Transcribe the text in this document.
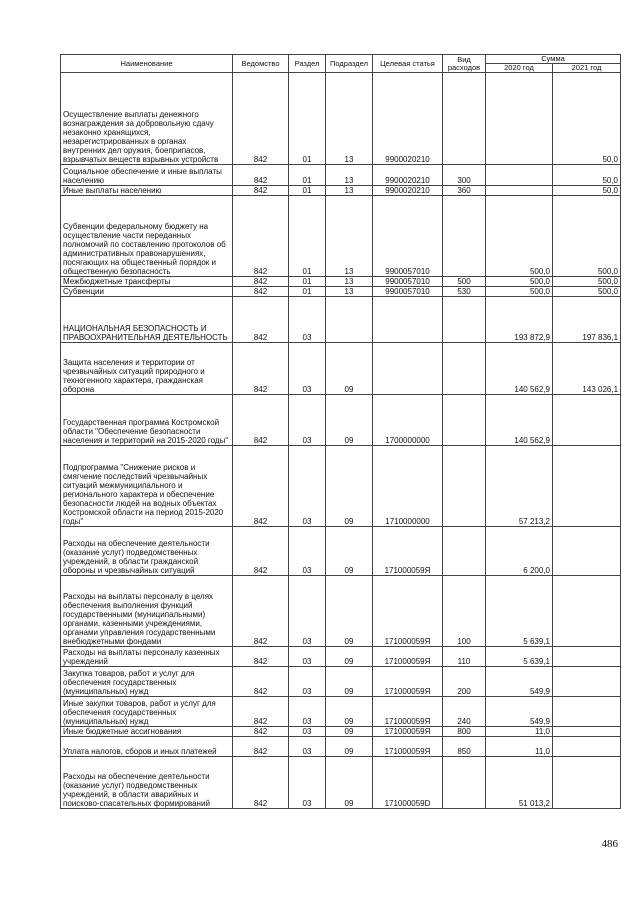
Наименование	Ведомство	Раздел	Подраздел	Целевая статья	Вид расходов	Сумма	
						2020 год	2021 год
Осуществление выплаты денежного вознаграждения за добровольную сдачу незаконно хранящихся, незарегистрированных в органах внутренних дел оружия, боеприпасов, взрывчатых веществ взрывных устройств	842	01	13	9900020210			50,0
Социальное обеспечение и иные выплаты населению	842	01	13	9900020210	300		50,0
Иные выплаты населению	842	01	13	9900020210	360		50,0
Субвенции федеральному бюджету на осуществление части переданных полномочий по составлению протоколов об административных правонарушениях, посягающих на общественный порядок и общественную безопасность	842	01	13	9900057010		500,0	500,0
Межбюджетные трансферты	842	01	13	9900057010	500	500,0	500,0
Субвенции	842	01	13	9900057010	530	500,0	500,0
НАЦИОНАЛЬНАЯ БЕЗОПАСНОСТЬ И ПРАВООХРАНИТЕЛЬНАЯ ДЕЯТЕЛЬНОСТЬ	842	03				193 872,9	197 836,1
Защита населения и территории от чрезвычайных ситуаций природного и техногенного характера, гражданская оборона	842	03	09			140 562,9	143 026,1
Государственная программа Костромской области "Обеспечение безопасности населения и территорий на 2015-2020 годы"	842	03	09	1700000000		140 562,9	
Подпрограмма "Снижение рисков и смягчение последствий чрезвычайных ситуаций межмуниципального и регионального характера и обеспечение безопасности людей на водных объектах Костромской области на период 2015-2020 годы"	842	03	09	1710000000		57 213,2	
Расходы на обеспечение деятельности (оказание услуг) подведомственных учреждений, в области гражданской обороны и чрезвычайных ситуаций	842	03	09	171000059Я		6 200,0	
Расходы на выплаты персоналу в целях обеспечения выполнения функций государственными (муниципальными) органами, казенными учреждениями, органами управления государственными внебюджетными фондами	842	03	09	171000059Я	100	5 639,1	
Расходы на выплаты персоналу казенных учреждений	842	03	09	171000059Я	110	5 639,1	
Закупка товаров, работ и услуг для обеспечения государственных (муниципальных) нужд	842	03	09	171000059Я	200	549,9	
Иные закупки товаров, работ и услуг для обеспечения государственных (муниципальных) нужд	842	03	09	171000059Я	240	549,9	
Иные бюджетные ассигнования	842	03	09	171000059Я	800	11,0	
Уплата налогов, сборов и иных платежей	842	03	09	171000059Я	850	11,0	
Расходы на обеспечение деятельности (оказание услуг) подведомственных учреждений, в области аварийных и поисково-спасательных формирований	842	03	09	171000059D		51 013,2	
486
